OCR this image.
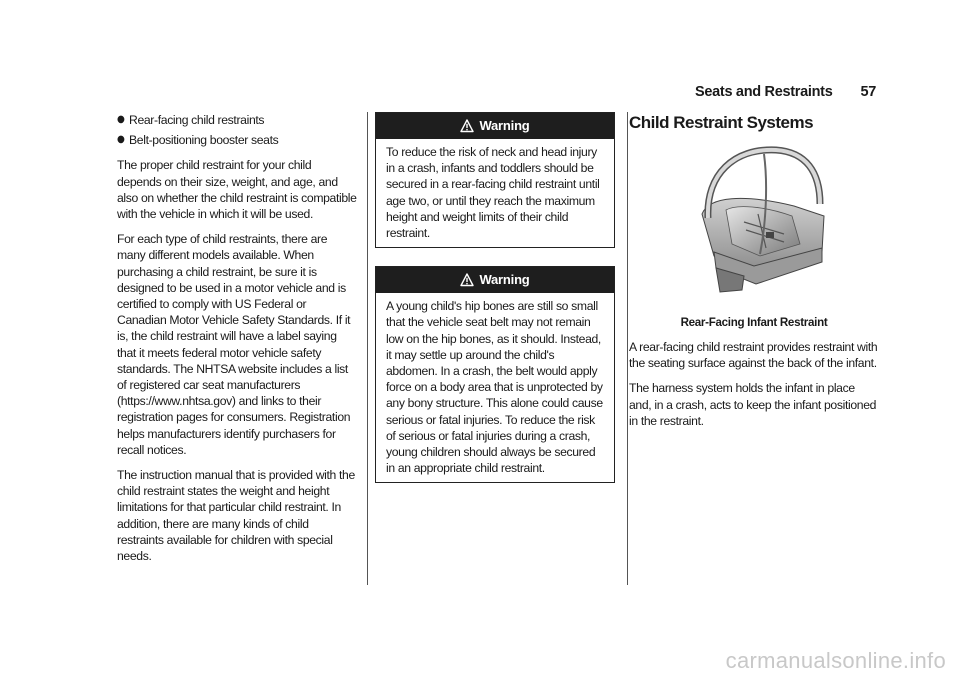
Seats and Restraints 57
● Rear-facing child restraints
● Belt-positioning booster seats

The proper child restraint for your child depends on their size, weight, and age, and also on whether the child restraint is compatible with the vehicle in which it will be used.

For each type of child restraints, there are many different models available. When purchasing a child restraint, be sure it is designed to be used in a motor vehicle and is certified to comply with US Federal or Canadian Motor Vehicle Safety Standards. If it is, the child restraint will have a label saying that it meets federal motor vehicle safety standards. The NHTSA website includes a list of registered car seat manufacturers (https://www.nhtsa.gov) and links to their registration pages for consumers. Registration helps manufacturers identify purchasers for recall notices.

The instruction manual that is provided with the child restraint states the weight and height limitations for that particular child restraint. In addition, there are many kinds of child restraints available for children with special needs.

Warning

To reduce the risk of neck and head injury in a crash, infants and toddlers should be secured in a rear-facing child restraint until age two, or until they reach the maximum height and weight limits of their child restraint.

Warning

A young child's hip bones are still so small that the vehicle seat belt may not remain low on the hip bones, as it should. Instead, it may settle up around the child's abdomen. In a crash, the belt would apply force on a body area that is unprotected by any bony structure. This alone could cause serious or fatal injuries. To reduce the risk of serious or fatal injuries during a crash, young children should always be secured in an appropriate child restraint.

Child Restraint Systems
Rear-Facing Infant Restraint

A rear-facing child restraint provides restraint with the seating surface against the back of the infant.

The harness system holds the infant in place and, in a crash, acts to keep the infant positioned in the restraint.

carmanualsonline.info
